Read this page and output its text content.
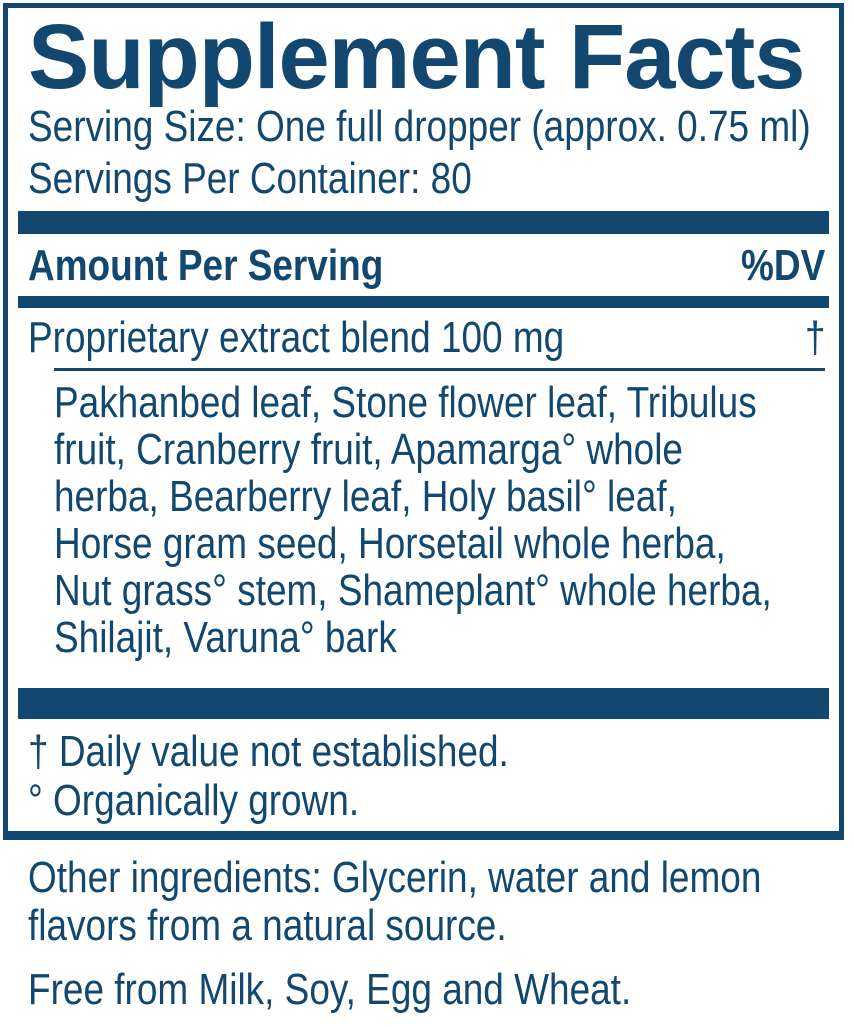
Supplement Facts
Serving Size: One full dropper (approx. 0.75 ml)
Servings Per Container: 80
Amount Per Serving	%DV
Proprietary extract blend 100 mg	†
Pakhanbed leaf, Stone flower leaf, Tribulus
fruit, Cranberry fruit, Apamarga° whole
herba, Bearberry leaf, Holy basil° leaf,
Horse gram seed, Horsetail whole herba,
Nut grass° stem, Shameplant° whole herba,
Shilajit, Varuna° bark
† Daily value not established.
° Organically grown.
Other ingredients: Glycerin, water and lemon
flavors from a natural source.
Free from Milk, Soy, Egg and Wheat.
